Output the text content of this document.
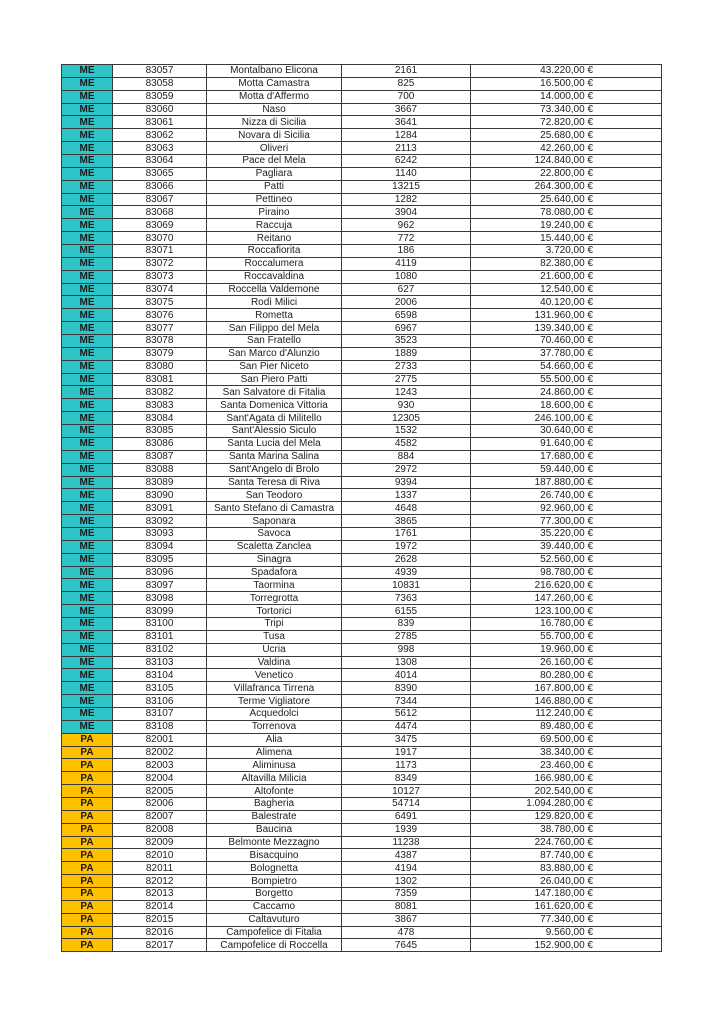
ME	83057	Montalbano Elicona	2161	43.220,00 €
ME	83058	Motta Camastra	825	16.500,00 €
ME	83059	Motta d'Affermo	700	14.000,00 €
ME	83060	Naso	3667	73.340,00 €
ME	83061	Nizza di Sicilia	3641	72.820,00 €
ME	83062	Novara di Sicilia	1284	25.680,00 €
ME	83063	Oliveri	2113	42.260,00 €
ME	83064	Pace del Mela	6242	124.840,00 €
ME	83065	Pagliara	1140	22.800,00 €
ME	83066	Patti	13215	264.300,00 €
ME	83067	Pettineo	1282	25.640,00 €
ME	83068	Piraino	3904	78.080,00 €
ME	83069	Raccuja	962	19.240,00 €
ME	83070	Reitano	772	15.440,00 €
ME	83071	Roccafiorita	186	3.720,00 €
ME	83072	Roccalumera	4119	82.380,00 €
ME	83073	Roccavaldina	1080	21.600,00 €
ME	83074	Roccella Valdemone	627	12.540,00 €
ME	83075	Rodì Milici	2006	40.120,00 €
ME	83076	Rometta	6598	131.960,00 €
ME	83077	San Filippo del Mela	6967	139.340,00 €
ME	83078	San Fratello	3523	70.460,00 €
ME	83079	San Marco d'Alunzio	1889	37.780,00 €
ME	83080	San Pier Niceto	2733	54.660,00 €
ME	83081	San Piero Patti	2775	55.500,00 €
ME	83082	San Salvatore di Fitalia	1243	24.860,00 €
ME	83083	Santa Domenica Vittoria	930	18.600,00 €
ME	83084	Sant'Agata di Militello	12305	246.100,00 €
ME	83085	Sant'Alessio Siculo	1532	30.640,00 €
ME	83086	Santa Lucia del Mela	4582	91.640,00 €
ME	83087	Santa Marina Salina	884	17.680,00 €
ME	83088	Sant'Angelo di Brolo	2972	59.440,00 €
ME	83089	Santa Teresa di Riva	9394	187.880,00 €
ME	83090	San Teodoro	1337	26.740,00 €
ME	83091	Santo Stefano di Camastra	4648	92.960,00 €
ME	83092	Saponara	3865	77.300,00 €
ME	83093	Savoca	1761	35.220,00 €
ME	83094	Scaletta Zanclea	1972	39.440,00 €
ME	83095	Sinagra	2628	52.560,00 €
ME	83096	Spadafora	4939	98.780,00 €
ME	83097	Taormina	10831	216.620,00 €
ME	83098	Torregrotta	7363	147.260,00 €
ME	83099	Tortorici	6155	123.100,00 €
ME	83100	Tripi	839	16.780,00 €
ME	83101	Tusa	2785	55.700,00 €
ME	83102	Ucria	998	19.960,00 €
ME	83103	Valdina	1308	26.160,00 €
ME	83104	Venetico	4014	80.280,00 €
ME	83105	Villafranca Tirrena	8390	167.800,00 €
ME	83106	Terme Vigliatore	7344	146.880,00 €
ME	83107	Acquedolci	5612	112.240,00 €
ME	83108	Torrenova	4474	89.480,00 €
PA	82001	Alia	3475	69.500,00 €
PA	82002	Alimena	1917	38.340,00 €
PA	82003	Aliminusa	1173	23.460,00 €
PA	82004	Altavilla Milicia	8349	166.980,00 €
PA	82005	Altofonte	10127	202.540,00 €
PA	82006	Bagheria	54714	1.094.280,00 €
PA	82007	Balestrate	6491	129.820,00 €
PA	82008	Baucina	1939	38.780,00 €
PA	82009	Belmonte Mezzagno	11238	224.760,00 €
PA	82010	Bisacquino	4387	87.740,00 €
PA	82011	Bolognetta	4194	83.880,00 €
PA	82012	Bompietro	1302	26.040,00 €
PA	82013	Borgetto	7359	147.180,00 €
PA	82014	Caccamo	8081	161.620,00 €
PA	82015	Caltavuturo	3867	77.340,00 €
PA	82016	Campofelice di Fitalia	478	9.560,00 €
PA	82017	Campofelice di Roccella	7645	152.900,00 €
